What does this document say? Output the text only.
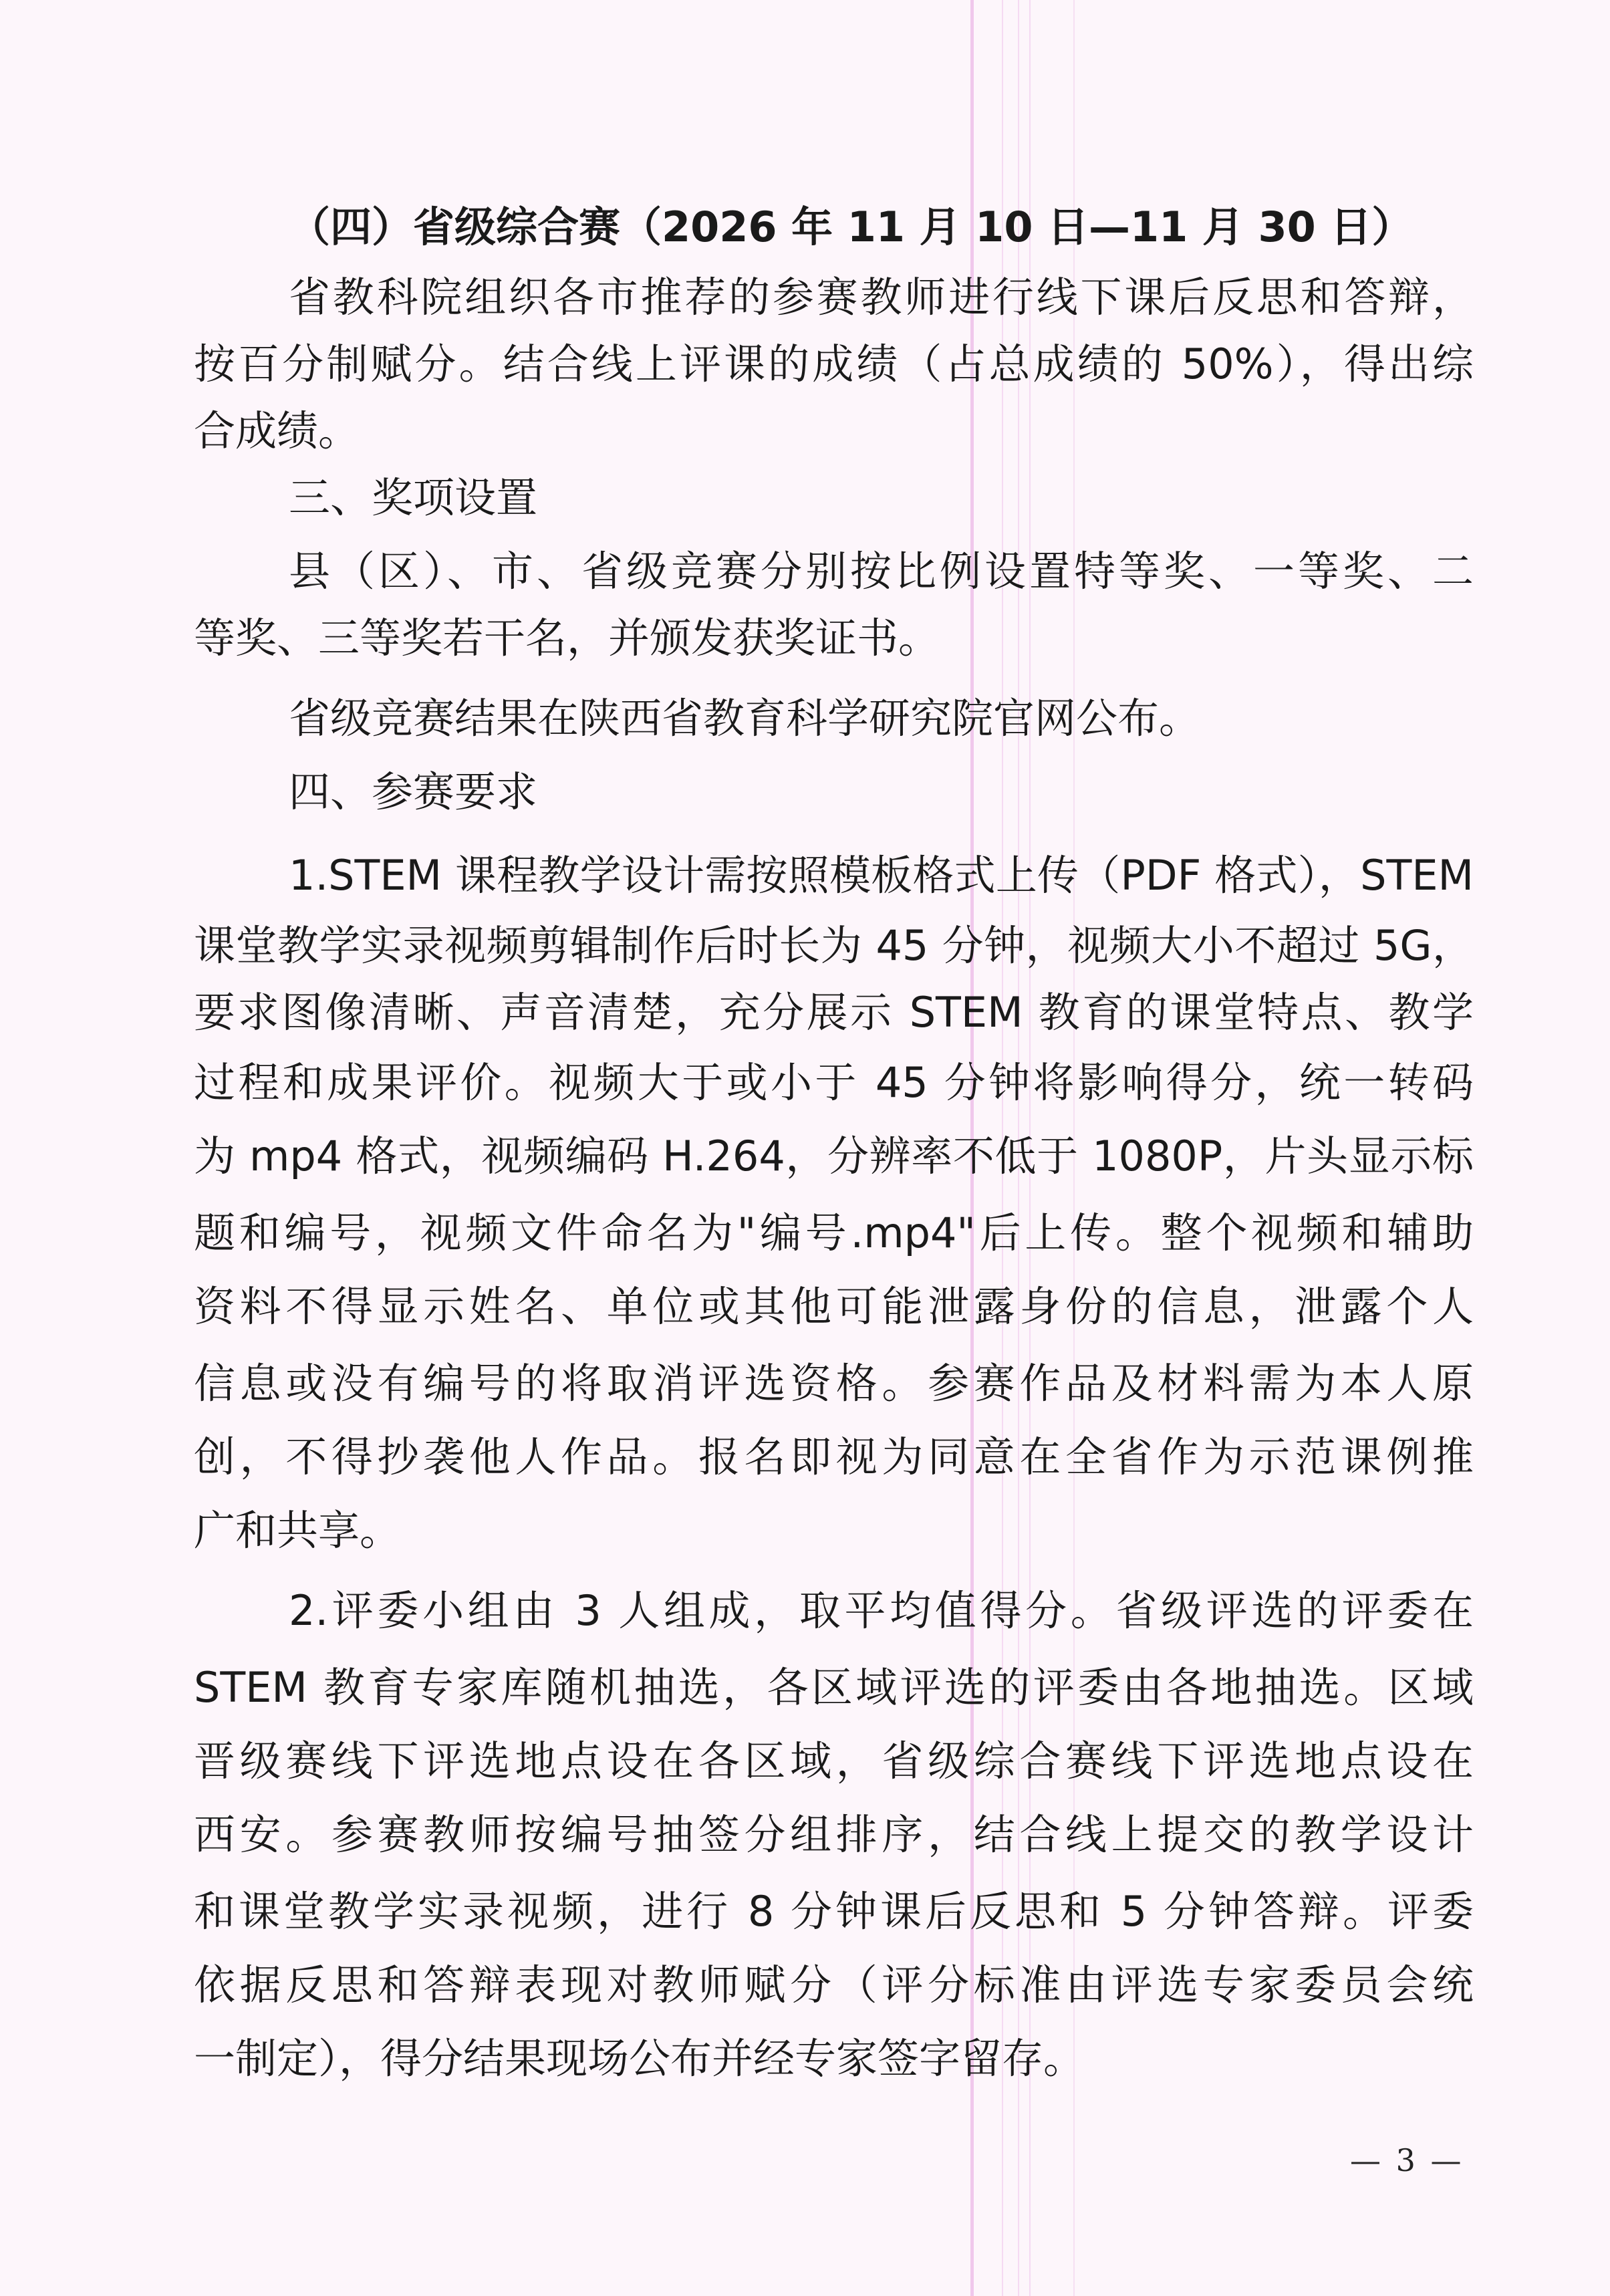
（四）省级综合赛（2026 年 11 月 10 日—11 月 30 日）
省教科院组织各市推荐的参赛教师进行线下课后反思和答辩，
按百分制赋分。结合线上评课的成绩（占总成绩的 50%），得出综
合成绩。
三、奖项设置
县（区）、市、省级竞赛分别按比例设置特等奖、一等奖、二
等奖、三等奖若干名，并颁发获奖证书。
省级竞赛结果在陕西省教育科学研究院官网公布。
四、参赛要求
1.STEM 课程教学设计需按照模板格式上传（PDF 格式），STEM
课堂教学实录视频剪辑制作后时长为 45 分钟，视频大小不超过 5G，
要求图像清晰、声音清楚，充分展示 STEM 教育的课堂特点、教学
过程和成果评价。视频大于或小于 45 分钟将影响得分，统一转码
为 mp4 格式，视频编码 H.264，分辨率不低于 1080P，片头显示标
题和编号，视频文件命名为"编号.mp4"后上传。整个视频和辅助
资料不得显示姓名、单位或其他可能泄露身份的信息，泄露个人
信息或没有编号的将取消评选资格。参赛作品及材料需为本人原
创，不得抄袭他人作品。报名即视为同意在全省作为示范课例推
广和共享。
2.评委小组由 3 人组成，取平均值得分。省级评选的评委在
STEM 教育专家库随机抽选，各区域评选的评委由各地抽选。区域
晋级赛线下评选地点设在各区域，省级综合赛线下评选地点设在
西安。参赛教师按编号抽签分组排序，结合线上提交的教学设计
和课堂教学实录视频，进行 8 分钟课后反思和 5 分钟答辩。评委
依据反思和答辩表现对教师赋分（评分标准由评选专家委员会统
一制定），得分结果现场公布并经专家签字留存。
— 3 —
